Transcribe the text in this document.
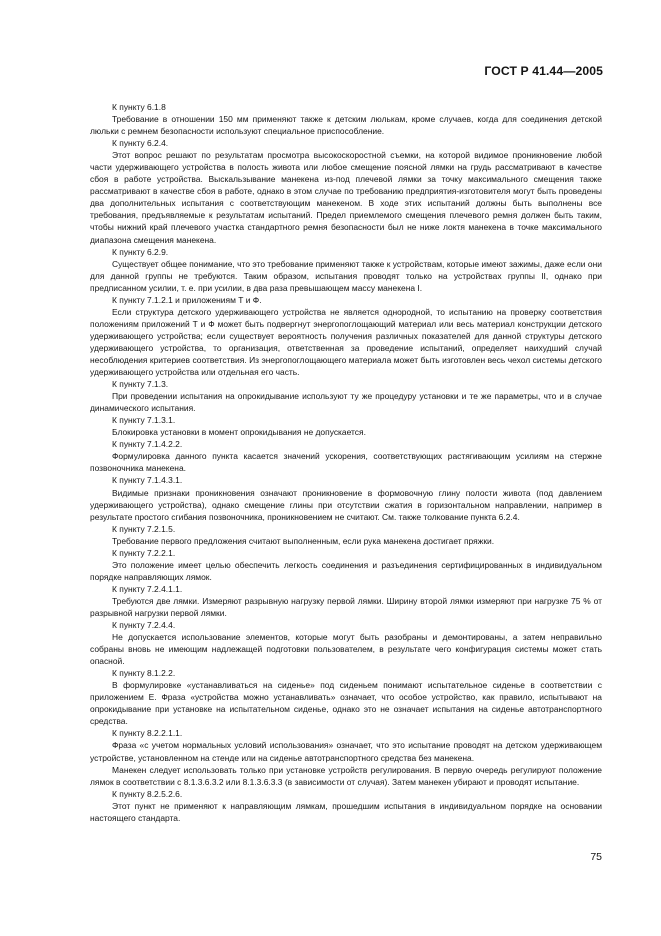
ГОСТ Р 41.44—2005

К пункту 6.1.8

Требование в отношении 150 мм применяют также к детским люлькам, кроме случаев, когда для соединения детской люльки с ремнем безопасности используют специальное приспособление.

К пункту 6.2.4.

Этот вопрос решают по результатам просмотра высокоскоростной съемки, на которой видимое проникновение любой части удерживающего устройства в полость живота или любое смещение поясной лямки на грудь рассматривают в качестве сбоя в работе устройства. Выскальзывание манекена из-под плечевой лямки за точку максимального смещения также рассматривают в качестве сбоя в работе, однако в этом случае по требованию предприятия-изготовителя могут быть проведены два дополнительных испытания с соответствующим манекеном. В ходе этих испытаний должны быть выполнены все требования, предъявляемые к результатам испытаний. Предел приемлемого смещения плечевого ремня должен быть таким, чтобы нижний край плечевого участка стандартного ремня безопасности был не ниже локтя манекена в точке максимального диапазона смещения манекена.

К пункту 6.2.9.

Существует общее понимание, что это требование применяют также к устройствам, которые имеют зажимы, даже если они для данной группы не требуются. Таким образом, испытания проводят только на устройствах группы II, однако при предписанном усилии, т. е. при усилии, в два раза превышающем массу манекена I.

К пункту 7.1.2.1 и приложениям Т и Ф.

Если структура детского удерживающего устройства не является однородной, то испытанию на проверку соответствия положениям приложений Т и Ф может быть подвергнут энергопоглощающий материал или весь материал конструкции детского удерживающего устройства; если существует вероятность получения различных показателей для данной структуры детского удерживающего устройства, то организация, ответственная за проведение испытаний, определяет наихудший случай несоблюдения критериев соответствия. Из энергопоглощающего материала может быть изготовлен весь чехол системы детского удерживающего устройства или отдельная его часть.

К пункту 7.1.3.

При проведении испытания на опрокидывание используют ту же процедуру установки и те же параметры, что и в случае динамического испытания.

К пункту 7.1.3.1.

Блокировка установки в момент опрокидывания не допускается.

К пункту 7.1.4.2.2.

Формулировка данного пункта касается значений ускорения, соответствующих растягивающим усилиям на стержне позвоночника манекена.

К пункту 7.1.4.3.1.

Видимые признаки проникновения означают проникновение в формовочную глину полости живота (под давлением удерживающего устройства), однако смещение глины при отсутствии сжатия в горизонтальном направлении, например в результате простого сгибания позвоночника, проникновением не считают. См. также толкование пункта 6.2.4.

К пункту 7.2.1.5.

Требование первого предложения считают выполненным, если рука манекена достигает пряжки.

К пункту 7.2.2.1.

Это положение имеет целью обеспечить легкость соединения и разъединения сертифицированных в индивидуальном порядке направляющих лямок.

К пункту 7.2.4.1.1.

Требуются две лямки. Измеряют разрывную нагрузку первой лямки. Ширину второй лямки измеряют при нагрузке 75 % от разрывной нагрузки первой лямки.

К пункту 7.2.4.4.

Не допускается использование элементов, которые могут быть разобраны и демонтированы, а затем неправильно собраны вновь не имеющим надлежащей подготовки пользователем, в результате чего конфигурация системы может стать опасной.

К пункту 8.1.2.2.

В формулировке «устанавливаться на сиденье» под сиденьем понимают испытательное сиденье в соответствии с приложением Е. Фраза «устройства можно устанавливать» означает, что особое устройство, как правило, испытывают на опрокидывание при установке на испытательном сиденье, однако это не означает испытания на сиденье автотранспортного средства.

К пункту 8.2.2.1.1.

Фраза «с учетом нормальных условий использования» означает, что это испытание проводят на детском удерживающем устройстве, установленном на стенде или на сиденье автотранспортного средства без манекена.

Манекен следует использовать только при установке устройств регулирования. В первую очередь регулируют положение лямок в соответствии с 8.1.3.6.3.2 или 8.1.3.6.3.3 (в зависимости от случая). Затем манекен убирают и проводят испытание.

К пункту 8.2.5.2.6.

Этот пункт не применяют к направляющим лямкам, прошедшим испытания в индивидуальном порядке на основании настоящего стандарта.

75
